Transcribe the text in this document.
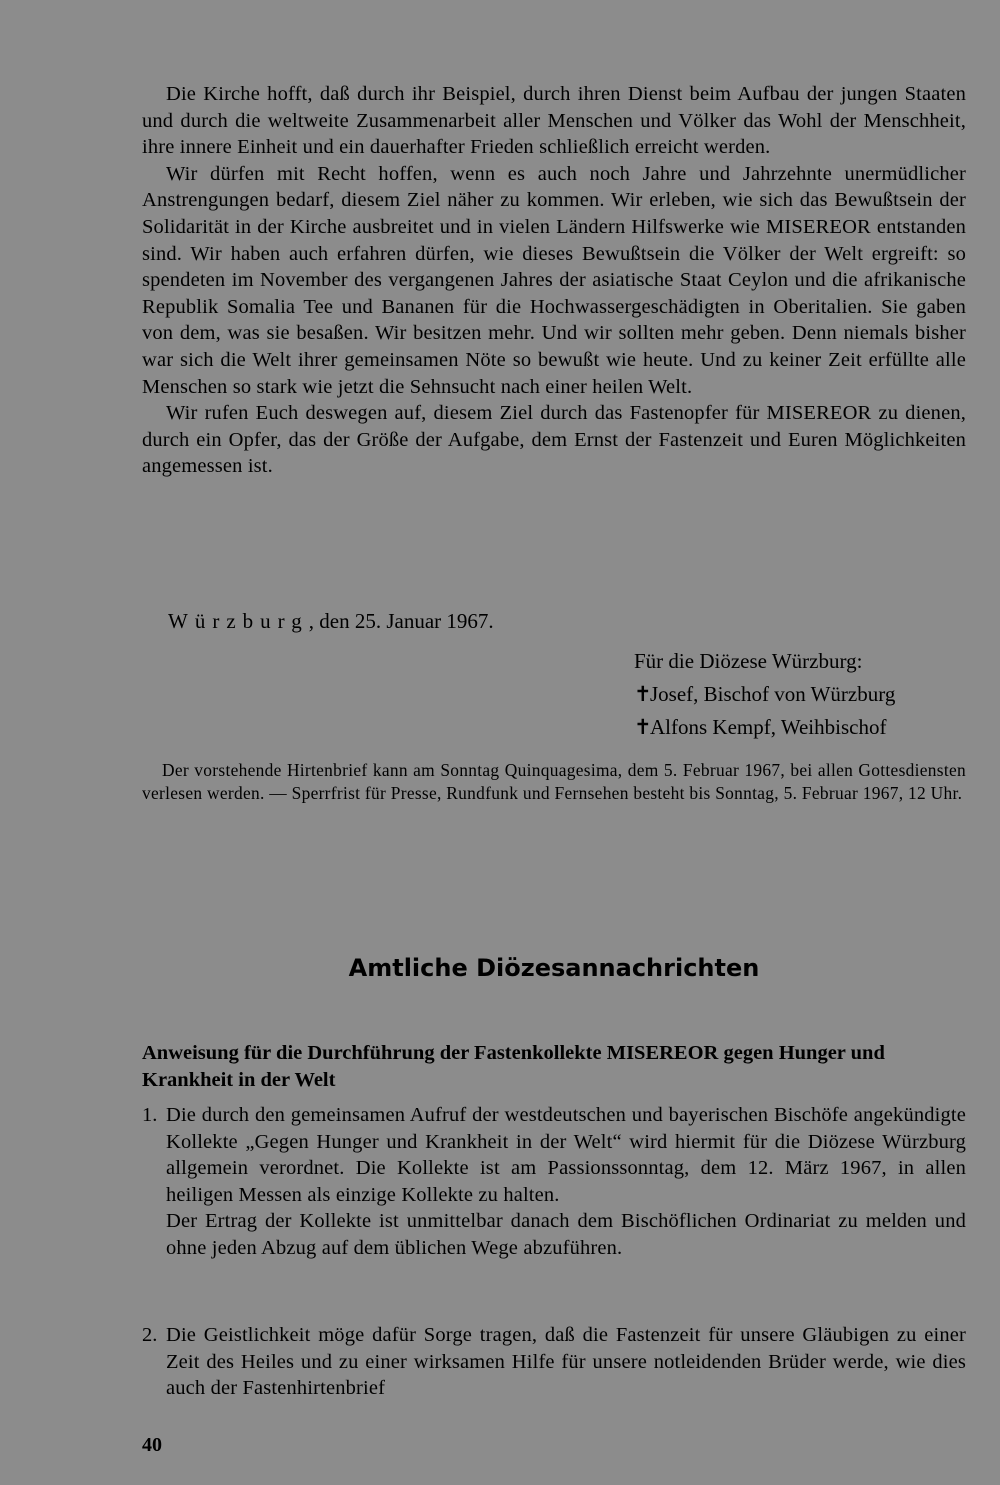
Die Kirche hofft, daß durch ihr Beispiel, durch ihren Dienst beim Aufbau der jungen Staaten und durch die weltweite Zusammenarbeit aller Menschen und Völker das Wohl der Menschheit, ihre innere Einheit und ein dauerhafter Frieden schließlich erreicht werden.

Wir dürfen mit Recht hoffen, wenn es auch noch Jahre und Jahrzehnte unermüdlicher Anstrengungen bedarf, diesem Ziel näher zu kommen. Wir erleben, wie sich das Bewußtsein der Solidarität in der Kirche ausbreitet und in vielen Ländern Hilfswerke wie MISEREOR entstanden sind. Wir haben auch erfahren dürfen, wie dieses Bewußtsein die Völker der Welt ergreift: so spendeten im November des vergangenen Jahres der asiatische Staat Ceylon und die afrikanische Republik Somalia Tee und Bananen für die Hochwassergeschädigten in Oberitalien. Sie gaben von dem, was sie besaßen. Wir besitzen mehr. Und wir sollten mehr geben. Denn niemals bisher war sich die Welt ihrer gemeinsamen Nöte so bewußt wie heute. Und zu keiner Zeit erfüllte alle Menschen so stark wie jetzt die Sehnsucht nach einer heilen Welt.

Wir rufen Euch deswegen auf, diesem Ziel durch das Fastenopfer für MISEREOR zu dienen, durch ein Opfer, das der Größe der Aufgabe, dem Ernst der Fastenzeit und Euren Möglichkeiten angemessen ist.

Würzburg, den 25. Januar 1967.
Für die Diözese Würzburg:
✝Josef, Bischof von Würzburg
✝Alfons Kempf, Weihbischof

Der vorstehende Hirtenbrief kann am Sonntag Quinquagesima, dem 5. Februar 1967, bei allen Gottesdiensten verlesen werden. — Sperrfrist für Presse, Rundfunk und Fernsehen besteht bis Sonntag, 5. Februar 1967, 12 Uhr.

Amtliche Diözesannachrichten
Anweisung für die Durchführung der Fastenkollekte MISEREOR gegen Hunger und Krankheit in der Welt
1. Die durch den gemeinsamen Aufruf der westdeutschen und bayerischen Bischöfe angekündigte Kollekte „Gegen Hunger und Krankheit in der Welt“ wird hiermit für die Diözese Würzburg allgemein verordnet. Die Kollekte ist am Passionssonntag, dem 12. März 1967, in allen heiligen Messen als einzige Kollekte zu halten.

Der Ertrag der Kollekte ist unmittelbar danach dem Bischöflichen Ordinariat zu melden und ohne jeden Abzug auf dem üblichen Wege abzuführen.

2. Die Geistlichkeit möge dafür Sorge tragen, daß die Fastenzeit für unsere Gläubigen zu einer Zeit des Heiles und zu einer wirksamen Hilfe für unsere notleidenden Brüder werde, wie dies auch der Fastenhirtenbrief

40
